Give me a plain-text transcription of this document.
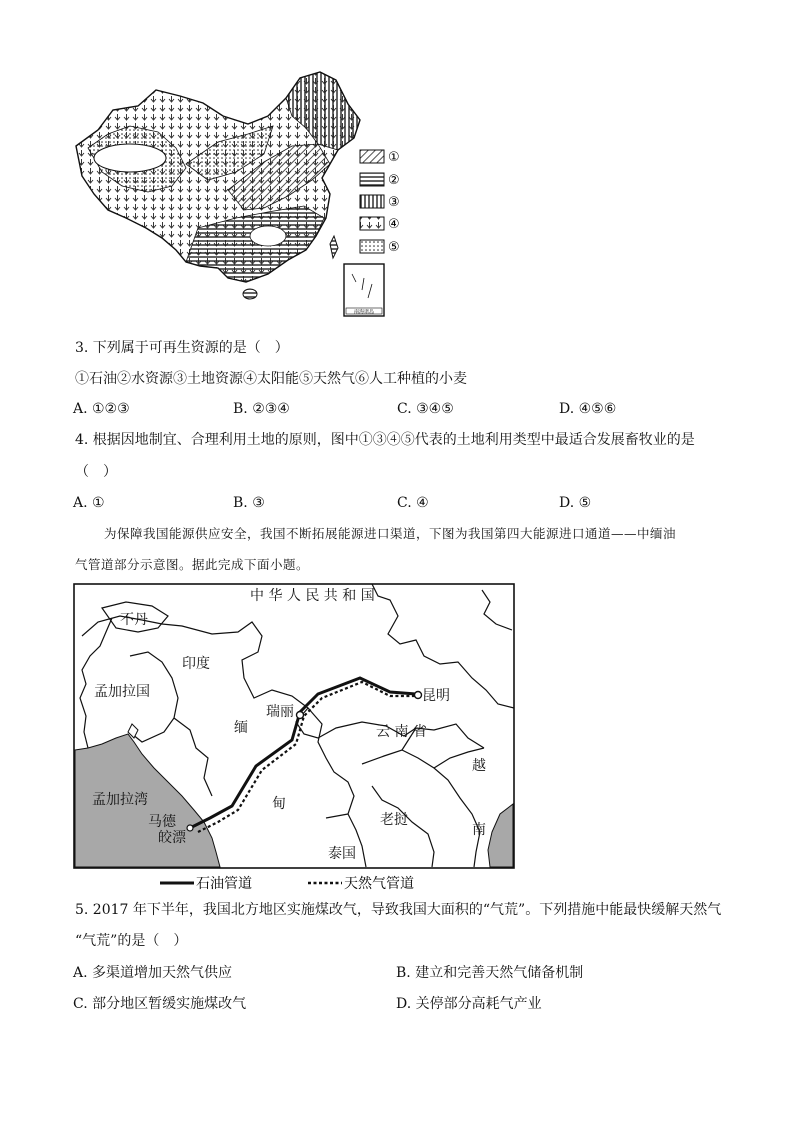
①
②
③
④
⑤
南海诸岛
3. 下列属于可再生资源的是（　）
①石油②水资源③土地资源④太阳能⑤天然气⑥人工种植的小麦
A. ①②③	B. ②③④	C. ③④⑤	D. ④⑤⑥
4. 根据因地制宜、合理利用土地的原则，图中①③④⑤代表的土地利用类型中最适合发展畜牧业的是
（　）
A. ①	B. ③	C. ④	D. ⑤
为保障我国能源供应安全，我国不断拓展能源进口渠道，下图为我国第四大能源进口通道——中缅油
气管道部分示意图。据此完成下面小题。
中 华 人 民 共 和 国
不丹
印度
孟加拉国
缅
甸
瑞丽
昆明
云 南 省
越
南
老挝
泰国
孟加拉湾
马德
皎漂
石油管道	天然气管道
5. 2017 年下半年，我国北方地区实施煤改气，导致我国大面积的“气荒”。下列措施中能最快缓解天然气
“气荒”的是（　）
A. 多渠道增加天然气供应	B. 建立和完善天然气储备机制
C. 部分地区暂缓实施煤改气	D. 关停部分高耗气产业
